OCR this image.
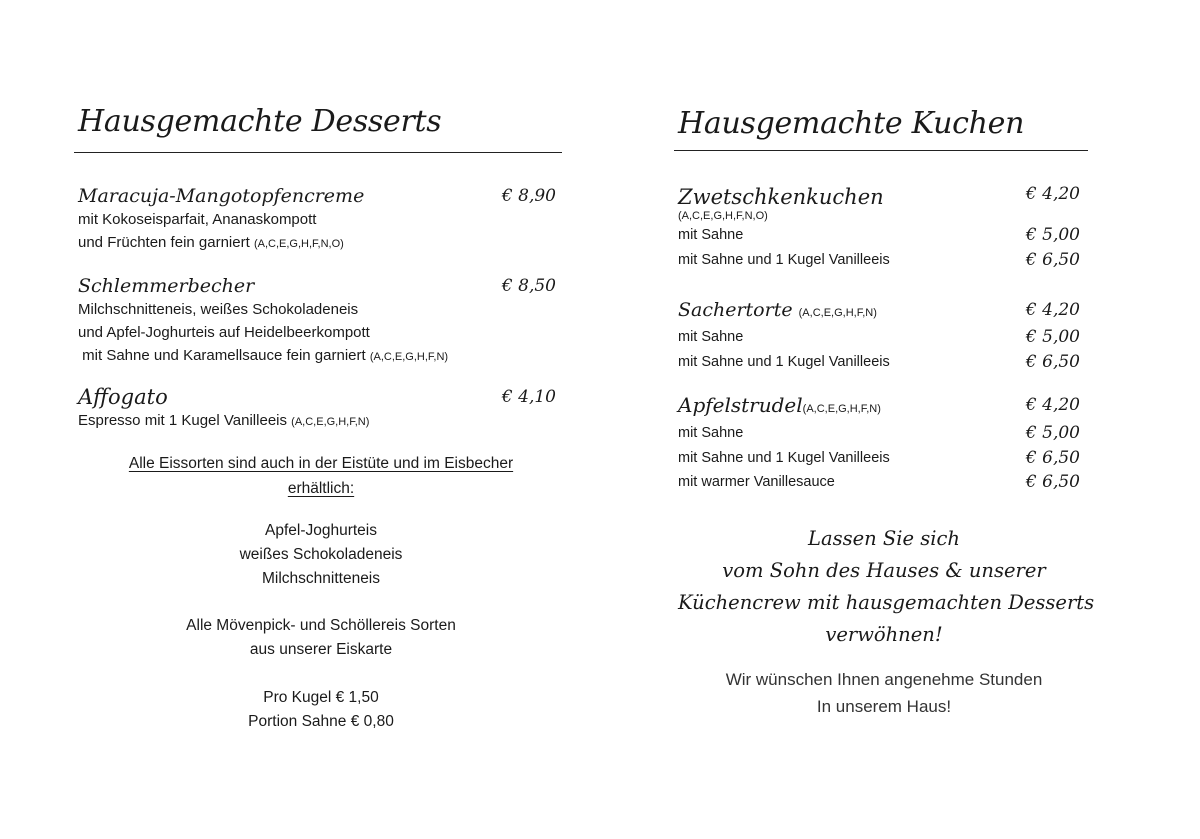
Hausgemachte Desserts
Maracuja-Mangotopfencreme	€ 8,90
mit Kokoseisparfait, Ananaskompott
und Früchten fein garniert (A,C,E,G,H,F,N,O)
Schlemmerbecher	€ 8,50
Milchschnitteneis, weißes Schokoladeneis
und Apfel-Joghurteis auf Heidelbeerkompott
mit Sahne und Karamellsauce fein garniert (A,C,E,G,H,F,N)
Affogato	€ 4,10
Espresso mit 1 Kugel Vanilleeis (A,C,E,G,H,F,N)
Alle Eissorten sind auch in der Eistüte und im Eisbecher
erhältlich:
Apfel-Joghurteis
weißes Schokoladeneis
Milchschnitteneis
Alle Mövenpick- und Schöllereis Sorten
aus unserer Eiskarte
Pro Kugel € 1,50
Portion Sahne € 0,80
Hausgemachte Kuchen
Zwetschkenkuchen	€ 4,20
(A,C,E,G,H,F,N,O)
mit Sahne	€ 5,00
mit Sahne und 1 Kugel Vanilleeis	€ 6,50
Sachertorte (A,C,E,G,H,F,N)	€ 4,20
mit Sahne	€ 5,00
mit Sahne und 1 Kugel Vanilleeis	€ 6,50
Apfelstrudel(A,C,E,G,H,F,N)	€ 4,20
mit Sahne	€ 5,00
mit Sahne und 1 Kugel Vanilleeis	€ 6,50
mit warmer Vanillesauce	€ 6,50
Lassen Sie sich
vom Sohn des Hauses & unserer
Küchencrew mit hausgemachten Desserts
verwöhnen!
Wir wünschen Ihnen angenehme Stunden
In unserem Haus!
